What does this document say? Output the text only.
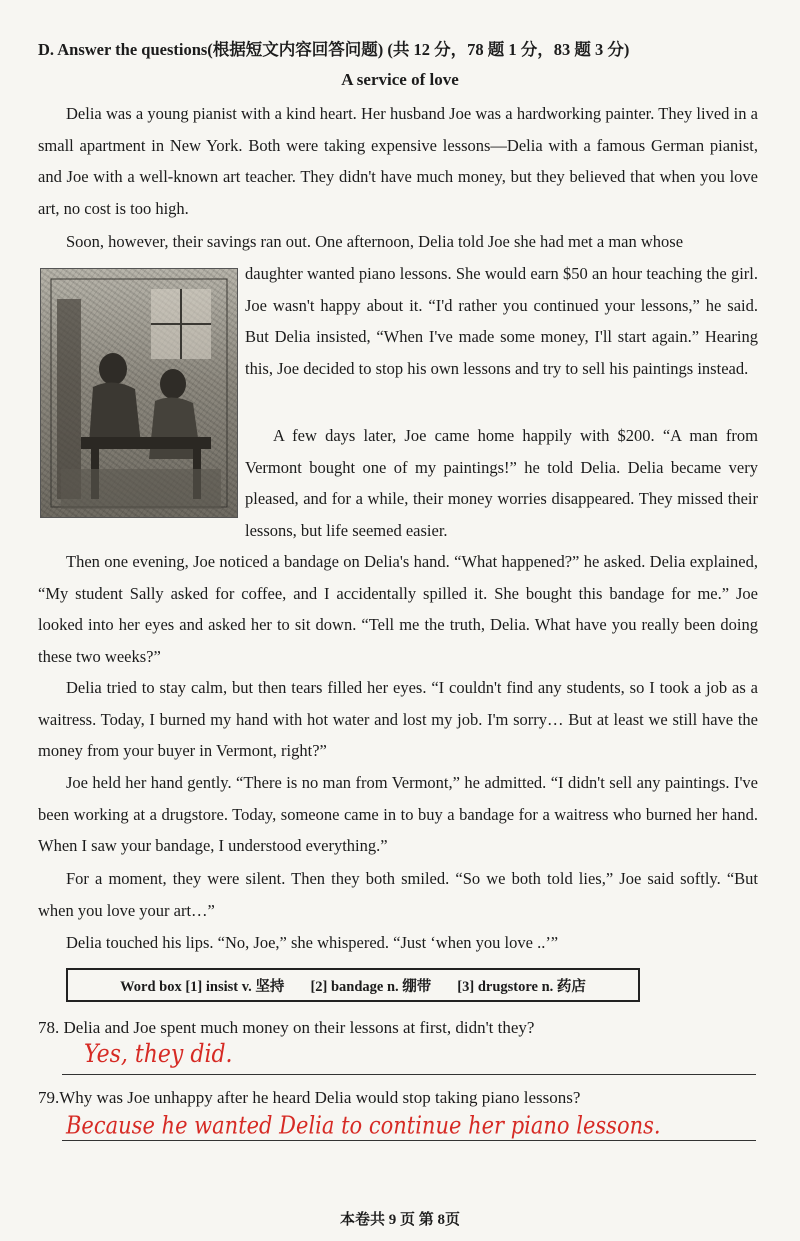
D. Answer the questions(根据短文内容回答问题) (共 12 分，78 题 1 分，83 题 3 分)
A service of love

Delia was a young pianist with a kind heart. Her husband Joe was a hardworking painter. They lived in a small apartment in New York. Both were taking expensive lessons—Delia with a famous German pianist, and Joe with a well-known art teacher. They didn't have much money, but they believed that when you love art, no cost is too high.

Soon, however, their savings ran out. One afternoon, Delia told Joe she had met a man whose

daughter wanted piano lessons. She would earn $50 an hour teaching the girl. Joe wasn't happy about it. “I'd rather you continued your lessons,” he said. But Delia insisted, “When I've made some money, I'll start again.” Hearing this, Joe decided to stop his own lessons and try to sell his paintings instead.

A few days later, Joe came home happily with $200. “A man from Vermont bought one of my paintings!” he told Delia. Delia became very pleased, and for a while, their money worries disappeared. They missed their lessons, but life seemed easier.

Then one evening, Joe noticed a bandage on Delia's hand. “What happened?” he asked. Delia explained, “My student Sally asked for coffee, and I accidentally spilled it. She bought this bandage for me.” Joe looked into her eyes and asked her to sit down. “Tell me the truth, Delia. What have you really been doing these two weeks?”

Delia tried to stay calm, but then tears filled her eyes. “I couldn't find any students, so I took a job as a waitress. Today, I burned my hand with hot water and lost my job. I'm sorry… But at least we still have the money from your buyer in Vermont, right?”

Joe held her hand gently. “There is no man from Vermont,” he admitted. “I didn't sell any paintings. I've been working at a drugstore. Today, someone came in to buy a bandage for a waitress who burned her hand. When I saw your bandage, I understood everything.”

For a moment, they were silent. Then they both smiled. “So we both told lies,” Joe said softly. “But when you love your art…”

Delia touched his lips. “No, Joe,” she whispered. “Just ‘when you love ..’”

Word box [1] insist v. 坚持 [2] bandage n. 绷带 [3] drugstore n. 药店
78. Delia and Joe spent much money on their lessons at first, didn't they?
Yes, they did.
79.Why was Joe unhappy after he heard Delia would stop taking piano lessons?
Because he wanted Delia to continue her piano lessons.
本卷共 9 页 第 8页
